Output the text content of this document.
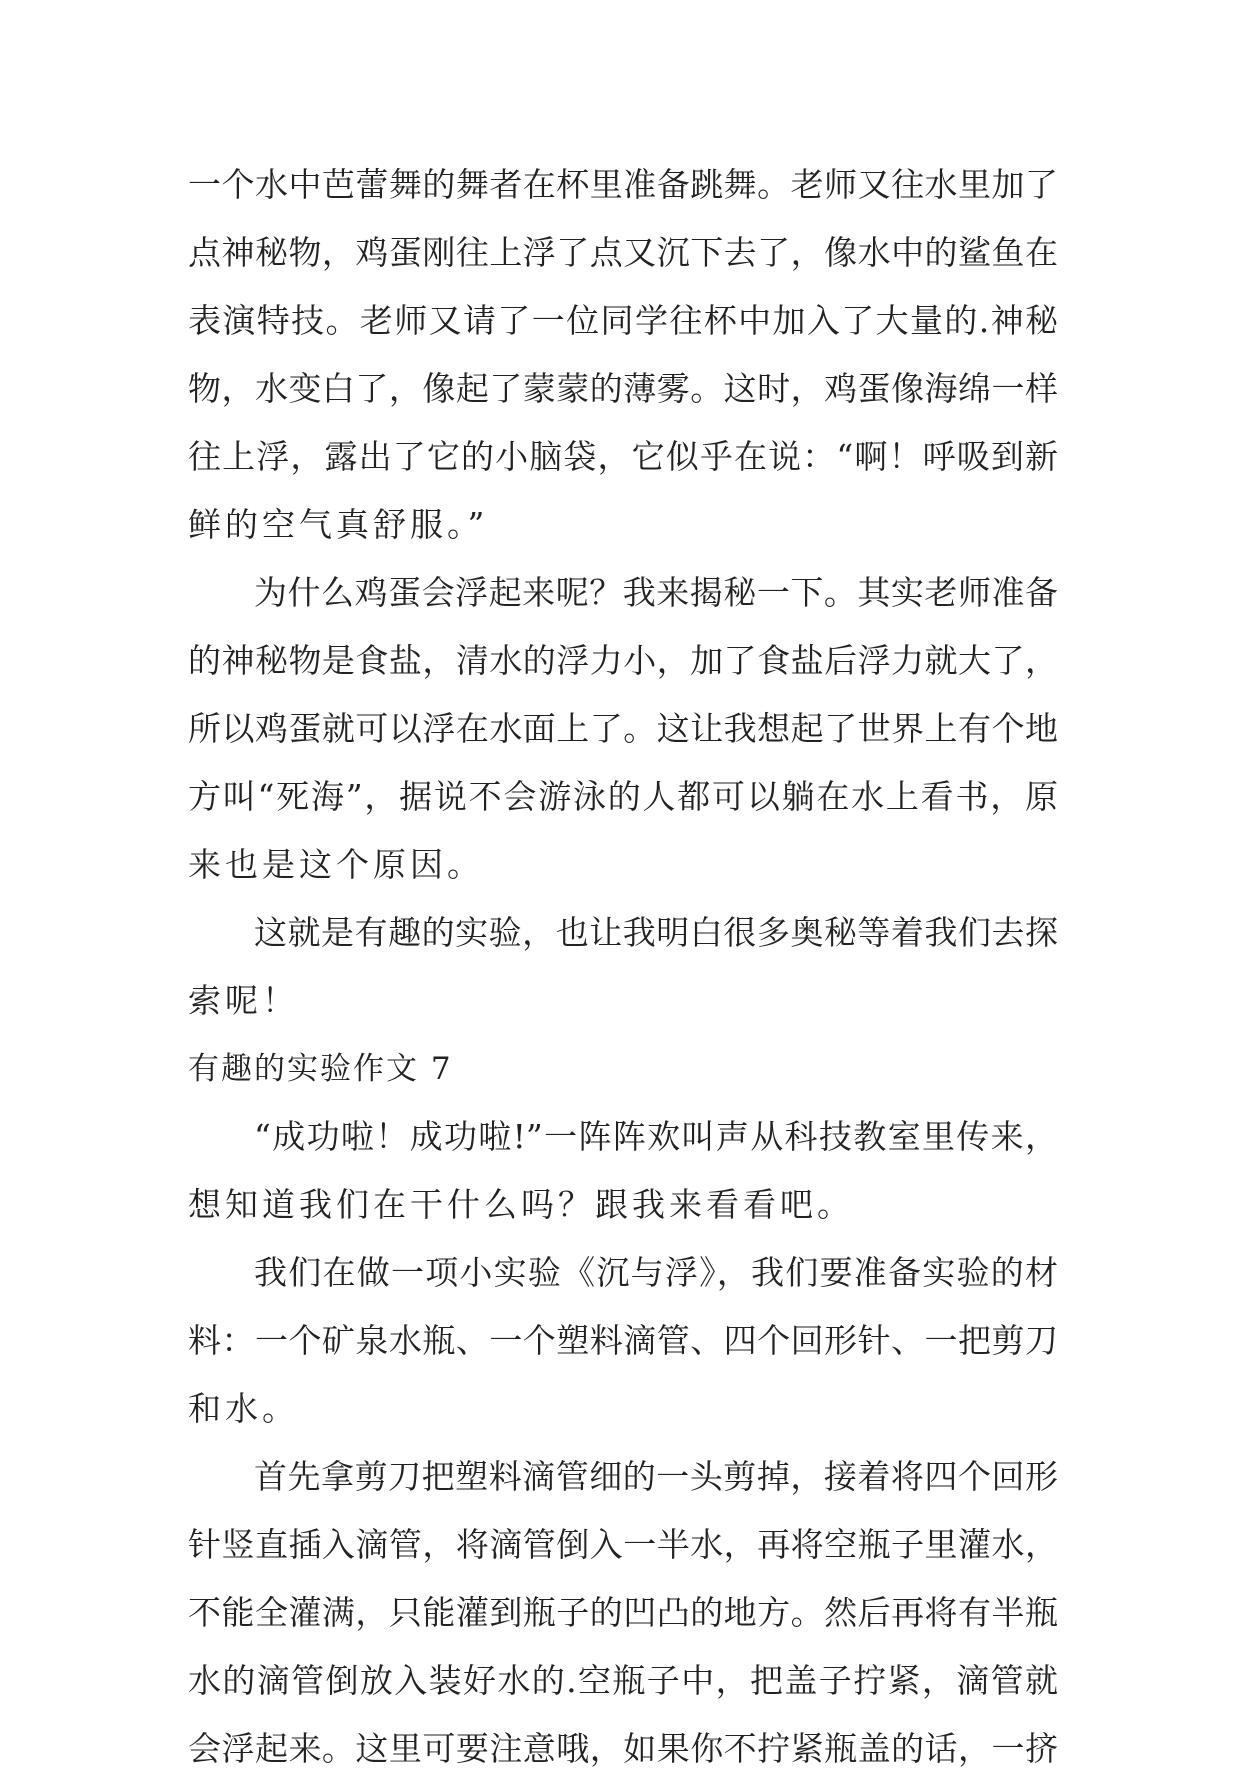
一个水中芭蕾舞的舞者在杯里准备跳舞。老师又往水里加了
点神秘物，鸡蛋刚往上浮了点又沉下去了，像水中的鲨鱼在
表演特技。老师又请了一位同学往杯中加入了大量的.神秘
物，水变白了，像起了蒙蒙的薄雾。这时，鸡蛋像海绵一样
往上浮，露出了它的小脑袋，它似乎在说：“啊！呼吸到新
鲜的空气真舒服。”
为什么鸡蛋会浮起来呢？我来揭秘一下。其实老师准备
的神秘物是食盐，清水的浮力小，加了食盐后浮力就大了，
所以鸡蛋就可以浮在水面上了。这让我想起了世界上有个地
方叫“死海”，据说不会游泳的人都可以躺在水上看书，原
来也是这个原因。
这就是有趣的实验，也让我明白很多奥秘等着我们去探
索呢！
有趣的实验作文 7
“成功啦！成功啦!”一阵阵欢叫声从科技教室里传来，
想知道我们在干什么吗？跟我来看看吧。
我们在做一项小实验《沉与浮》，我们要准备实验的材
料：一个矿泉水瓶、一个塑料滴管、四个回形针、一把剪刀
和水。
首先拿剪刀把塑料滴管细的一头剪掉，接着将四个回形
针竖直插入滴管，将滴管倒入一半水，再将空瓶子里灌水，
不能全灌满，只能灌到瓶子的凹凸的地方。然后再将有半瓶
水的滴管倒放入装好水的.空瓶子中，把盖子拧紧，滴管就
会浮起来。这里可要注意哦，如果你不拧紧瓶盖的话，一挤
